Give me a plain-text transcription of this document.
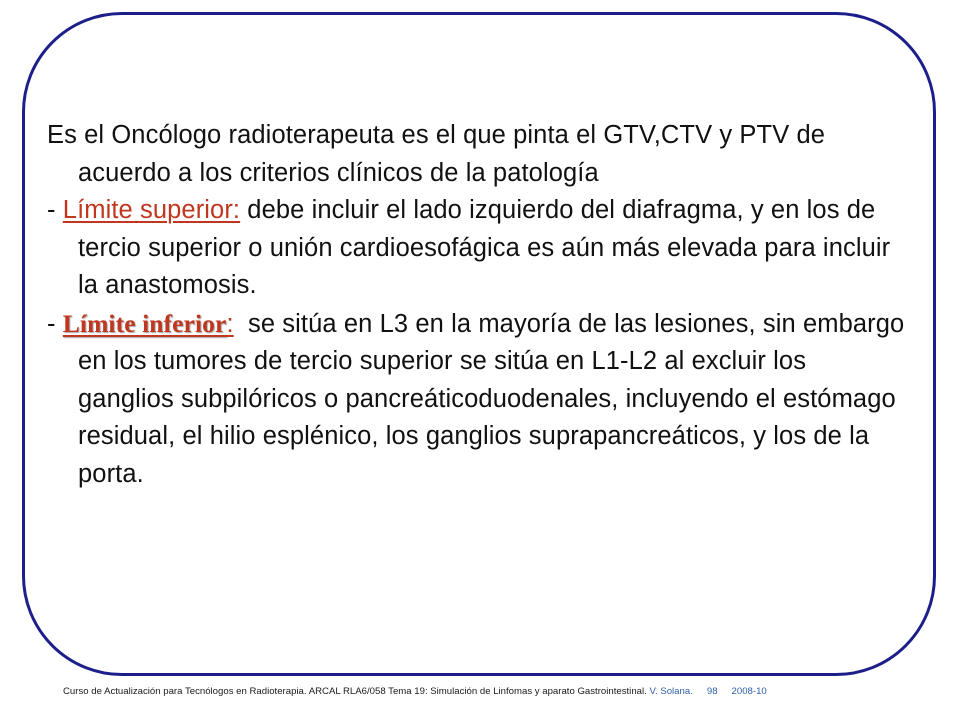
Es el Oncólogo radioterapeuta es el que pinta el GTV,CTV y PTV de acuerdo a los criterios clínicos de la patología

- Límite superior: debe incluir el lado izquierdo del diafragma, y en los de tercio superior o unión cardioesofágica es aún más elevada para incluir la anastomosis.

- Límite inferior:  se sitúa en L3 en la mayoría de las lesiones, sin embargo en los tumores de tercio superior se sitúa en L1-L2 al excluir los ganglios subpilóricos o pancreáticoduodenales, incluyendo el estómago residual, el hilio esplénico, los ganglios suprapancreáticos, y los de la porta.

Curso de Actualización para Tecnólogos en Radioterapia. ARCAL RLA6/058 Tema 19: Simulación de Linfomas y aparato Gastrointestinal. V. Solana. 98 2008-10
